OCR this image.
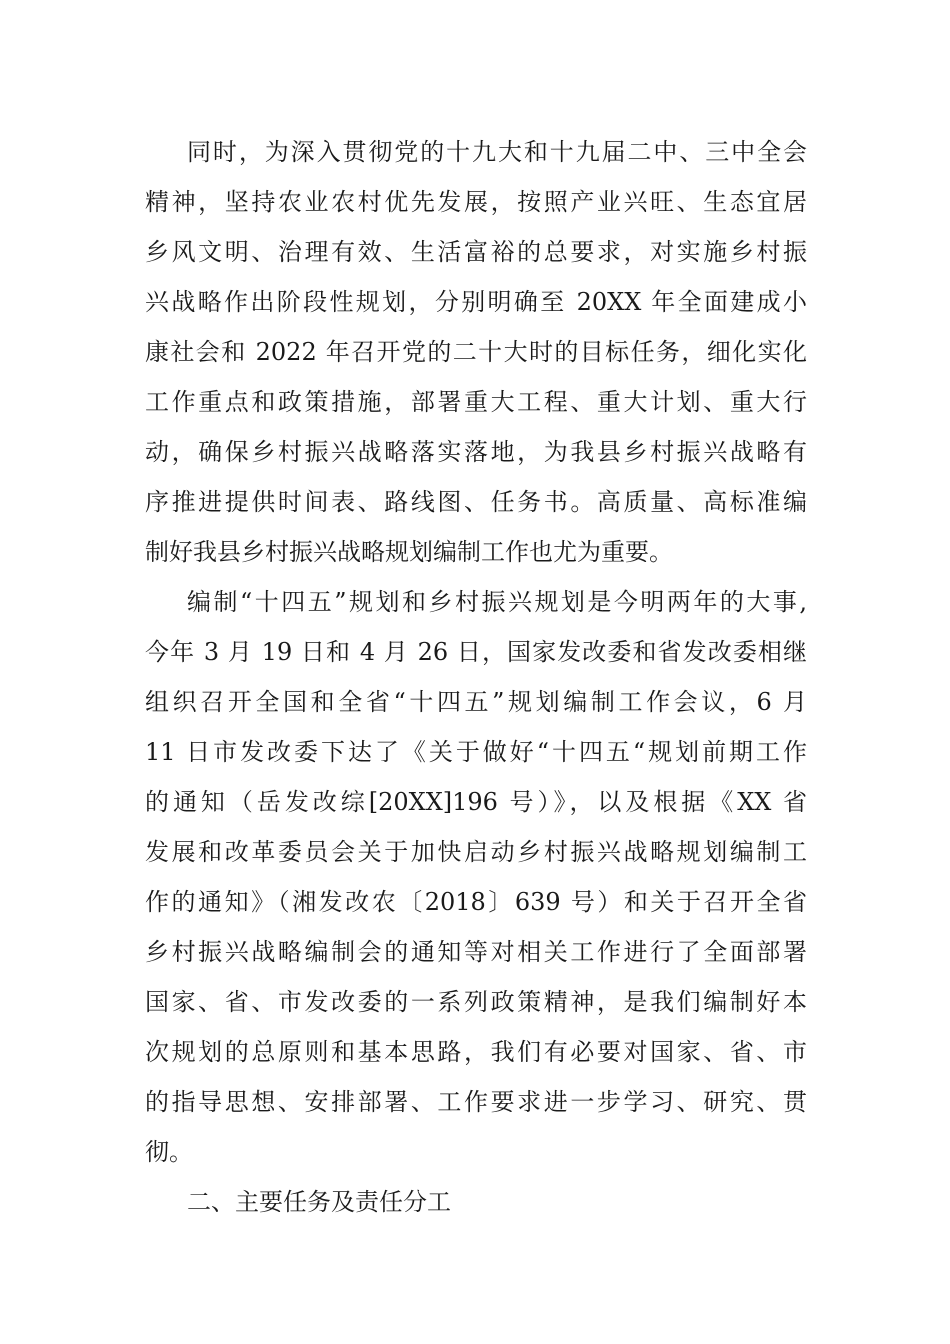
同时，为深入贯彻党的十九大和十九届二中、三中全会
精神，坚持农业农村优先发展，按照产业兴旺、生态宜居
乡风文明、治理有效、生活富裕的总要求，对实施乡村振
兴战略作出阶段性规划，分别明确至 20XX 年全面建成小
康社会和 2022 年召开党的二十大时的目标任务，细化实化
工作重点和政策措施，部署重大工程、重大计划、重大行
动，确保乡村振兴战略落实落地，为我县乡村振兴战略有
序推进提供时间表、路线图、任务书。高质量、高标准编
制好我县乡村振兴战略规划编制工作也尤为重要。
编制“十四五”规划和乡村振兴规划是今明两年的大事,
今年 3 月 19 日和 4 月 26 日，国家发改委和省发改委相继
组织召开全国和全省“十四五”规划编制工作会议，6 月
11 日市发改委下达了《关于做好“十四五“规划前期工作
的通知（岳发改综[20XX]196 号）》，以及根据《XX 省
发展和改革委员会关于加快启动乡村振兴战略规划编制工
作的通知》（湘发改农〔2018〕639 号）和关于召开全省
乡村振兴战略编制会的通知等对相关工作进行了全面部署
国家、省、市发改委的一系列政策精神，是我们编制好本
次规划的总原则和基本思路，我们有必要对国家、省、市
的指导思想、安排部署、工作要求进一步学习、研究、贯
彻。
二、主要任务及责任分工
